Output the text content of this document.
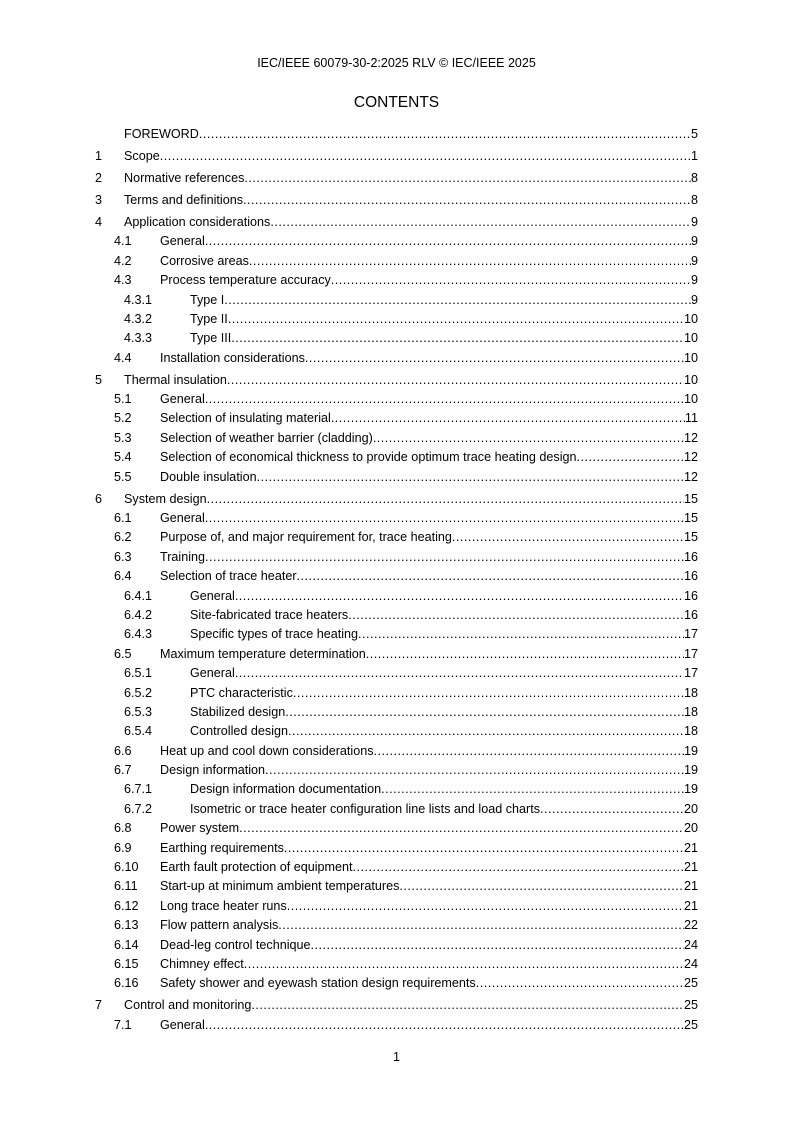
IEC/IEEE 60079-30-2:2025 RLV © IEC/IEEE 2025
CONTENTS
FOREWORD .....	5
1	Scope .....	1
2	Normative references .....	8
3	Terms and definitions .....	8
4	Application considerations .....	9
4.1	General .....	9
4.2	Corrosive areas .....	9
4.3	Process temperature accuracy .....	9
4.3.1	Type I .....	9
4.3.2	Type II .....	10
4.3.3	Type III .....	10
4.4	Installation considerations .....	10
5	Thermal insulation .....	10
5.1	General .....	10
5.2	Selection of insulating material .....	11
5.3	Selection of weather barrier (cladding) .....	12
5.4	Selection of economical thickness to provide optimum trace heating design .....	12
5.5	Double insulation .....	12
6	System design .....	15
6.1	General .....	15
6.2	Purpose of, and major requirement for, trace heating .....	15
6.3	Training .....	16
6.4	Selection of trace heater .....	16
6.4.1	General .....	16
6.4.2	Site-fabricated trace heaters .....	16
6.4.3	Specific types of trace heating .....	17
6.5	Maximum temperature determination .....	17
6.5.1	General .....	17
6.5.2	PTC characteristic .....	18
6.5.3	Stabilized design .....	18
6.5.4	Controlled design .....	18
6.6	Heat up and cool down considerations .....	19
6.7	Design information .....	19
6.7.1	Design information documentation .....	19
6.7.2	Isometric or trace heater configuration line lists and load charts .....	20
6.8	Power system .....	20
6.9	Earthing requirements .....	21
6.10	Earth fault protection of equipment .....	21
6.11	Start-up at minimum ambient temperatures .....	21
6.12	Long trace heater runs .....	21
6.13	Flow pattern analysis .....	22
6.14	Dead-leg control technique .....	24
6.15	Chimney effect .....	24
6.16	Safety shower and eyewash station design requirements .....	25
7	Control and monitoring .....	25
7.1	General .....	25
1
